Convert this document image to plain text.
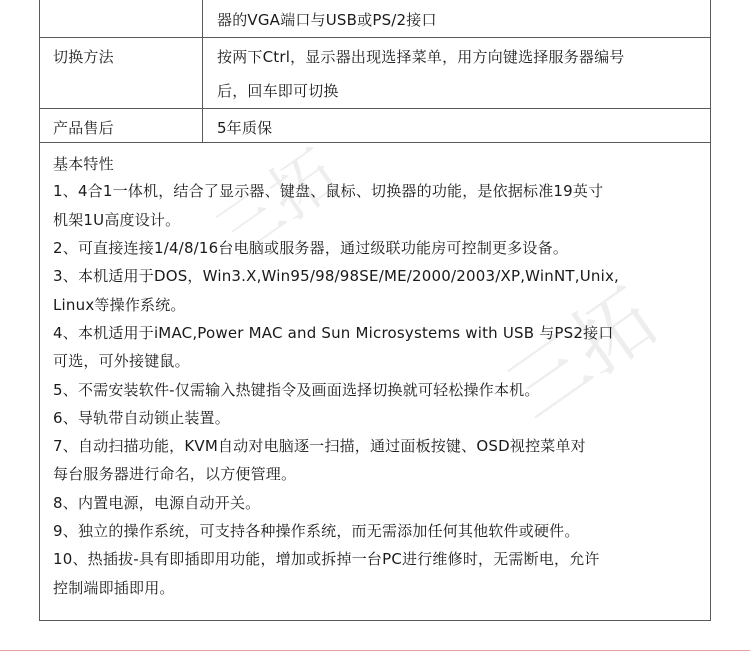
器的VGA端口与USB或PS/2接口
切换方法	按两下Ctrl，显示器出现选择菜单，用方向键选择服务器编号
后，回车即可切换
产品售后	5年质保
三拓
三拓
基本特性
1、4合1一体机，结合了显示器、键盘、鼠标、切换器的功能，是依据标准19英寸
机架1U高度设计。
2、可直接连接1/4/8/16台电脑或服务器，通过级联功能房可控制更多设备。
3、本机适用于DOS，Win3.X,Win95/98/98SE/ME/2000/2003/XP,WinNT,Unix,
Linux等操作系统。
4、本机适用于iMAC,Power MAC and Sun Microsystems with USB 与PS2接口
可选，可外接键鼠。
5、不需安装软件-仅需输入热键指令及画面选择切换就可轻松操作本机。
6、导轨带自动锁止装置。
7、自动扫描功能，KVM自动对电脑逐一扫描，通过面板按键、OSD视控菜单对
每台服务器进行命名，以方便管理。
8、内置电源，电源自动开关。
9、独立的操作系统，可支持各种操作系统，而无需添加任何其他软件或硬件。
10、热插拔-具有即插即用功能，增加或拆掉一台PC进行维修时，无需断电，允许
控制端即插即用。
